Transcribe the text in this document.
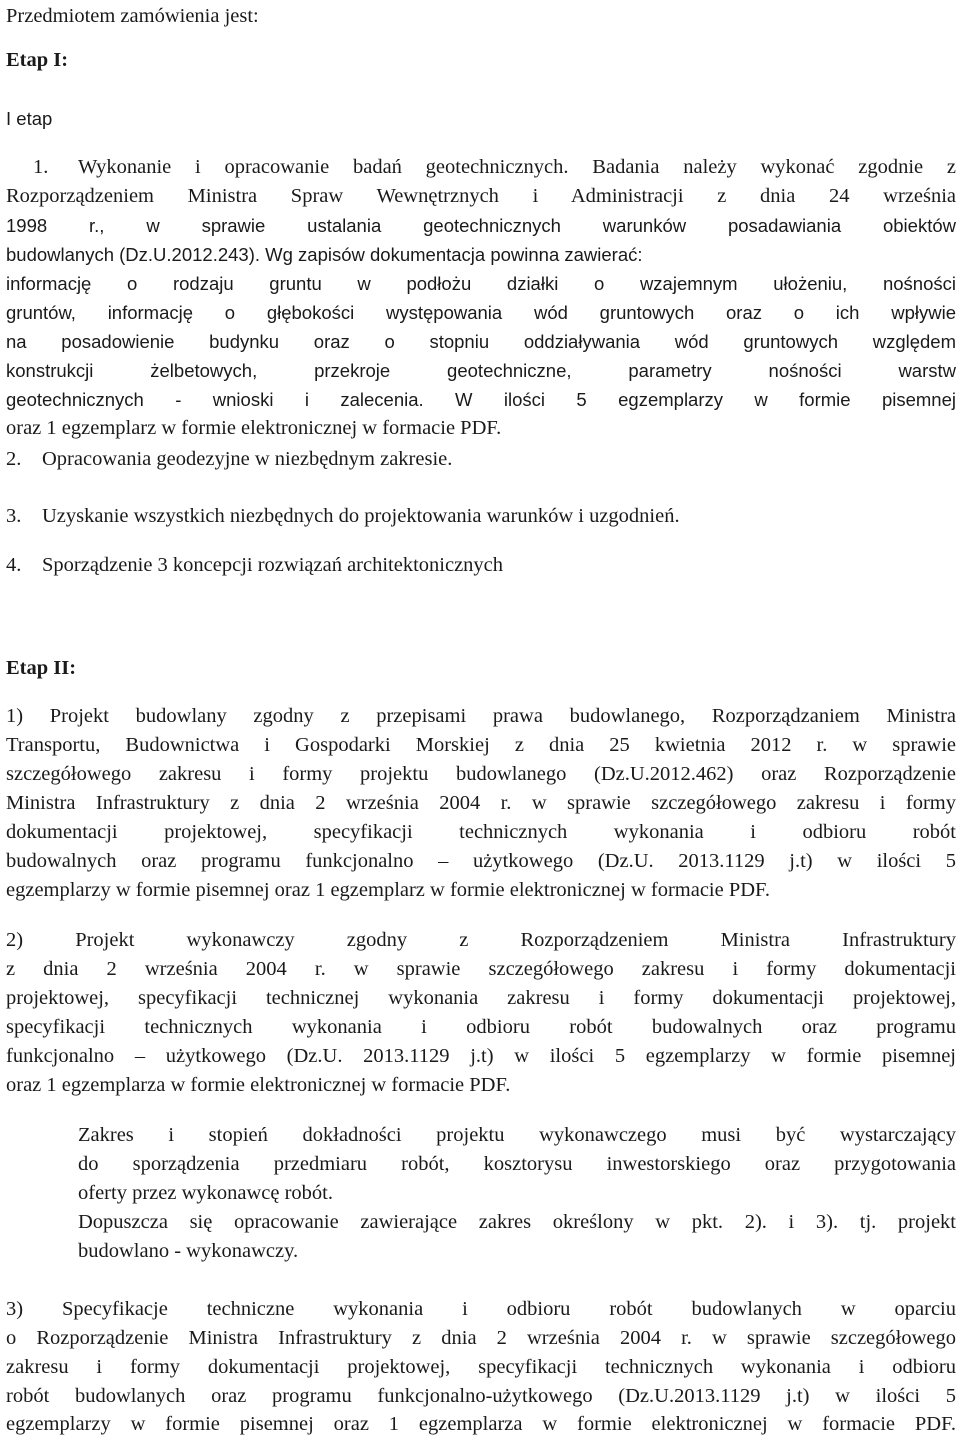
Przedmiotem zamówienia jest:
Etap I:
I etap
1. Wykonanie i opracowanie badań geotechnicznych. Badania należy wykonać zgodnie z
Rozporządzeniem Ministra Spraw Wewnętrznych i Administracji z dnia 24 września
1998 r., w sprawie ustalania geotechnicznych warunków posadawiania obiektów
budowlanych (Dz.U.2012.243). Wg zapisów dokumentacja powinna zawierać:
informację o rodzaju gruntu w podłożu działki o wzajemnym ułożeniu, nośności
gruntów, informację o głębokości występowania wód gruntowych oraz o ich wpływie
na posadowienie budynku oraz o stopniu oddziaływania wód gruntowych względem
konstrukcji żelbetowych, przekroje geotechniczne, parametry nośności warstw
geotechnicznych - wnioski i zalecenia. W ilości 5 egzemplarzy w formie pisemnej
oraz 1 egzemplarz w formie elektronicznej w formacie PDF.
2. Opracowania geodezyjne w niezbędnym zakresie.
3. Uzyskanie wszystkich niezbędnych do projektowania warunków i uzgodnień.
4. Sporządzenie 3 koncepcji rozwiązań architektonicznych
Etap II:
1) Projekt budowlany zgodny z przepisami prawa budowlanego, Rozporządzaniem Ministra
Transportu, Budownictwa i Gospodarki Morskiej z dnia 25 kwietnia 2012 r. w sprawie
szczegółowego zakresu i formy projektu budowlanego (Dz.U.2012.462) oraz Rozporządzenie
Ministra Infrastruktury z dnia 2 września 2004 r. w sprawie szczegółowego zakresu i formy
dokumentacji projektowej, specyfikacji technicznych wykonania i odbioru robót
budowalnych oraz programu funkcjonalno – użytkowego (Dz.U. 2013.1129 j.t) w ilości 5
egzemplarzy w formie pisemnej oraz 1 egzemplarz w formie elektronicznej w formacie PDF.
2) Projekt wykonawczy zgodny z Rozporządzeniem Ministra Infrastruktury
z dnia 2 września 2004 r. w sprawie szczegółowego zakresu i formy dokumentacji
projektowej, specyfikacji technicznej wykonania zakresu i formy dokumentacji projektowej,
specyfikacji technicznych wykonania i odbioru robót budowalnych oraz programu
funkcjonalno – użytkowego (Dz.U. 2013.1129 j.t) w ilości 5 egzemplarzy w formie pisemnej
oraz 1 egzemplarza w formie elektronicznej w formacie PDF.
Zakres i stopień dokładności projektu wykonawczego musi być wystarczający
do sporządzenia przedmiaru robót, kosztorysu inwestorskiego oraz przygotowania
oferty przez wykonawcę robót.
Dopuszcza się opracowanie zawierające zakres określony w pkt. 2). i 3). tj. projekt
budowlano - wykonawczy.
3) Specyfikacje techniczne wykonania i odbioru robót budowlanych w oparciu
o Rozporządzenie Ministra Infrastruktury z dnia 2 września 2004 r. w sprawie szczegółowego
zakresu i formy dokumentacji projektowej, specyfikacji technicznych wykonania i odbioru
robót budowlanych oraz programu funkcjonalno-użytkowego (Dz.U.2013.1129 j.t) w ilości 5
egzemplarzy w formie pisemnej oraz 1 egzemplarza w formie elektronicznej w formacie PDF.
